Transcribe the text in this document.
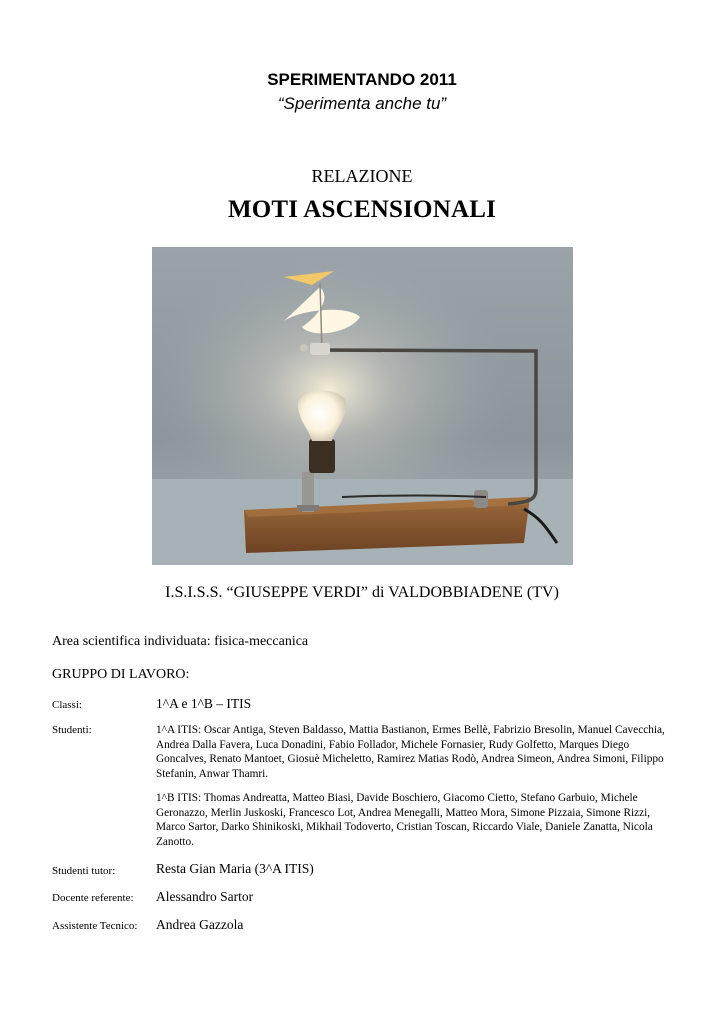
SPERIMENTANDO 2011
“Sperimenta anche tu”
RELAZIONE
MOTI ASCENSIONALI
I.S.I.S.S. “GIUSEPPE VERDI” di VALDOBBIADENE (TV)
Area scientifica individuata: fisica-meccanica
GRUPPO DI LAVORO:
Classi:	1^A e 1^B – ITIS
Studenti:	1^A ITIS: Oscar Antiga, Steven Baldasso, Mattia Bastianon, Ermes Bellè, Fabrizio Bresolin, Manuel Cavecchia, Andrea Dalla Favera, Luca Donadini, Fabio Follador, Michele Fornasier, Rudy Golfetto, Marques Diego Goncalves, Renato Mantoet, Giosuè Micheletto, Ramirez Matias Rodò, Andrea Simeon, Andrea Simoni, Filippo Stefanin, Anwar Thamri.
1^B ITIS: Thomas Andreatta, Matteo Biasi, Davide Boschiero, Giacomo Cietto, Stefano Garbuio, Michele Geronazzo, Merlin Juskoski, Francesco Lot, Andrea Menegalli, Matteo Mora, Simone Pizzaia, Simone Rizzi, Marco Sartor, Darko Shinikoski, Mikhail Todoverto, Cristian Toscan, Riccardo Viale, Daniele Zanatta, Nicola Zanotto.
Studenti tutor:	Resta Gian Maria (3^A ITIS)
Docente referente: Alessandro Sartor
Assistente Tecnico: Andrea Gazzola
